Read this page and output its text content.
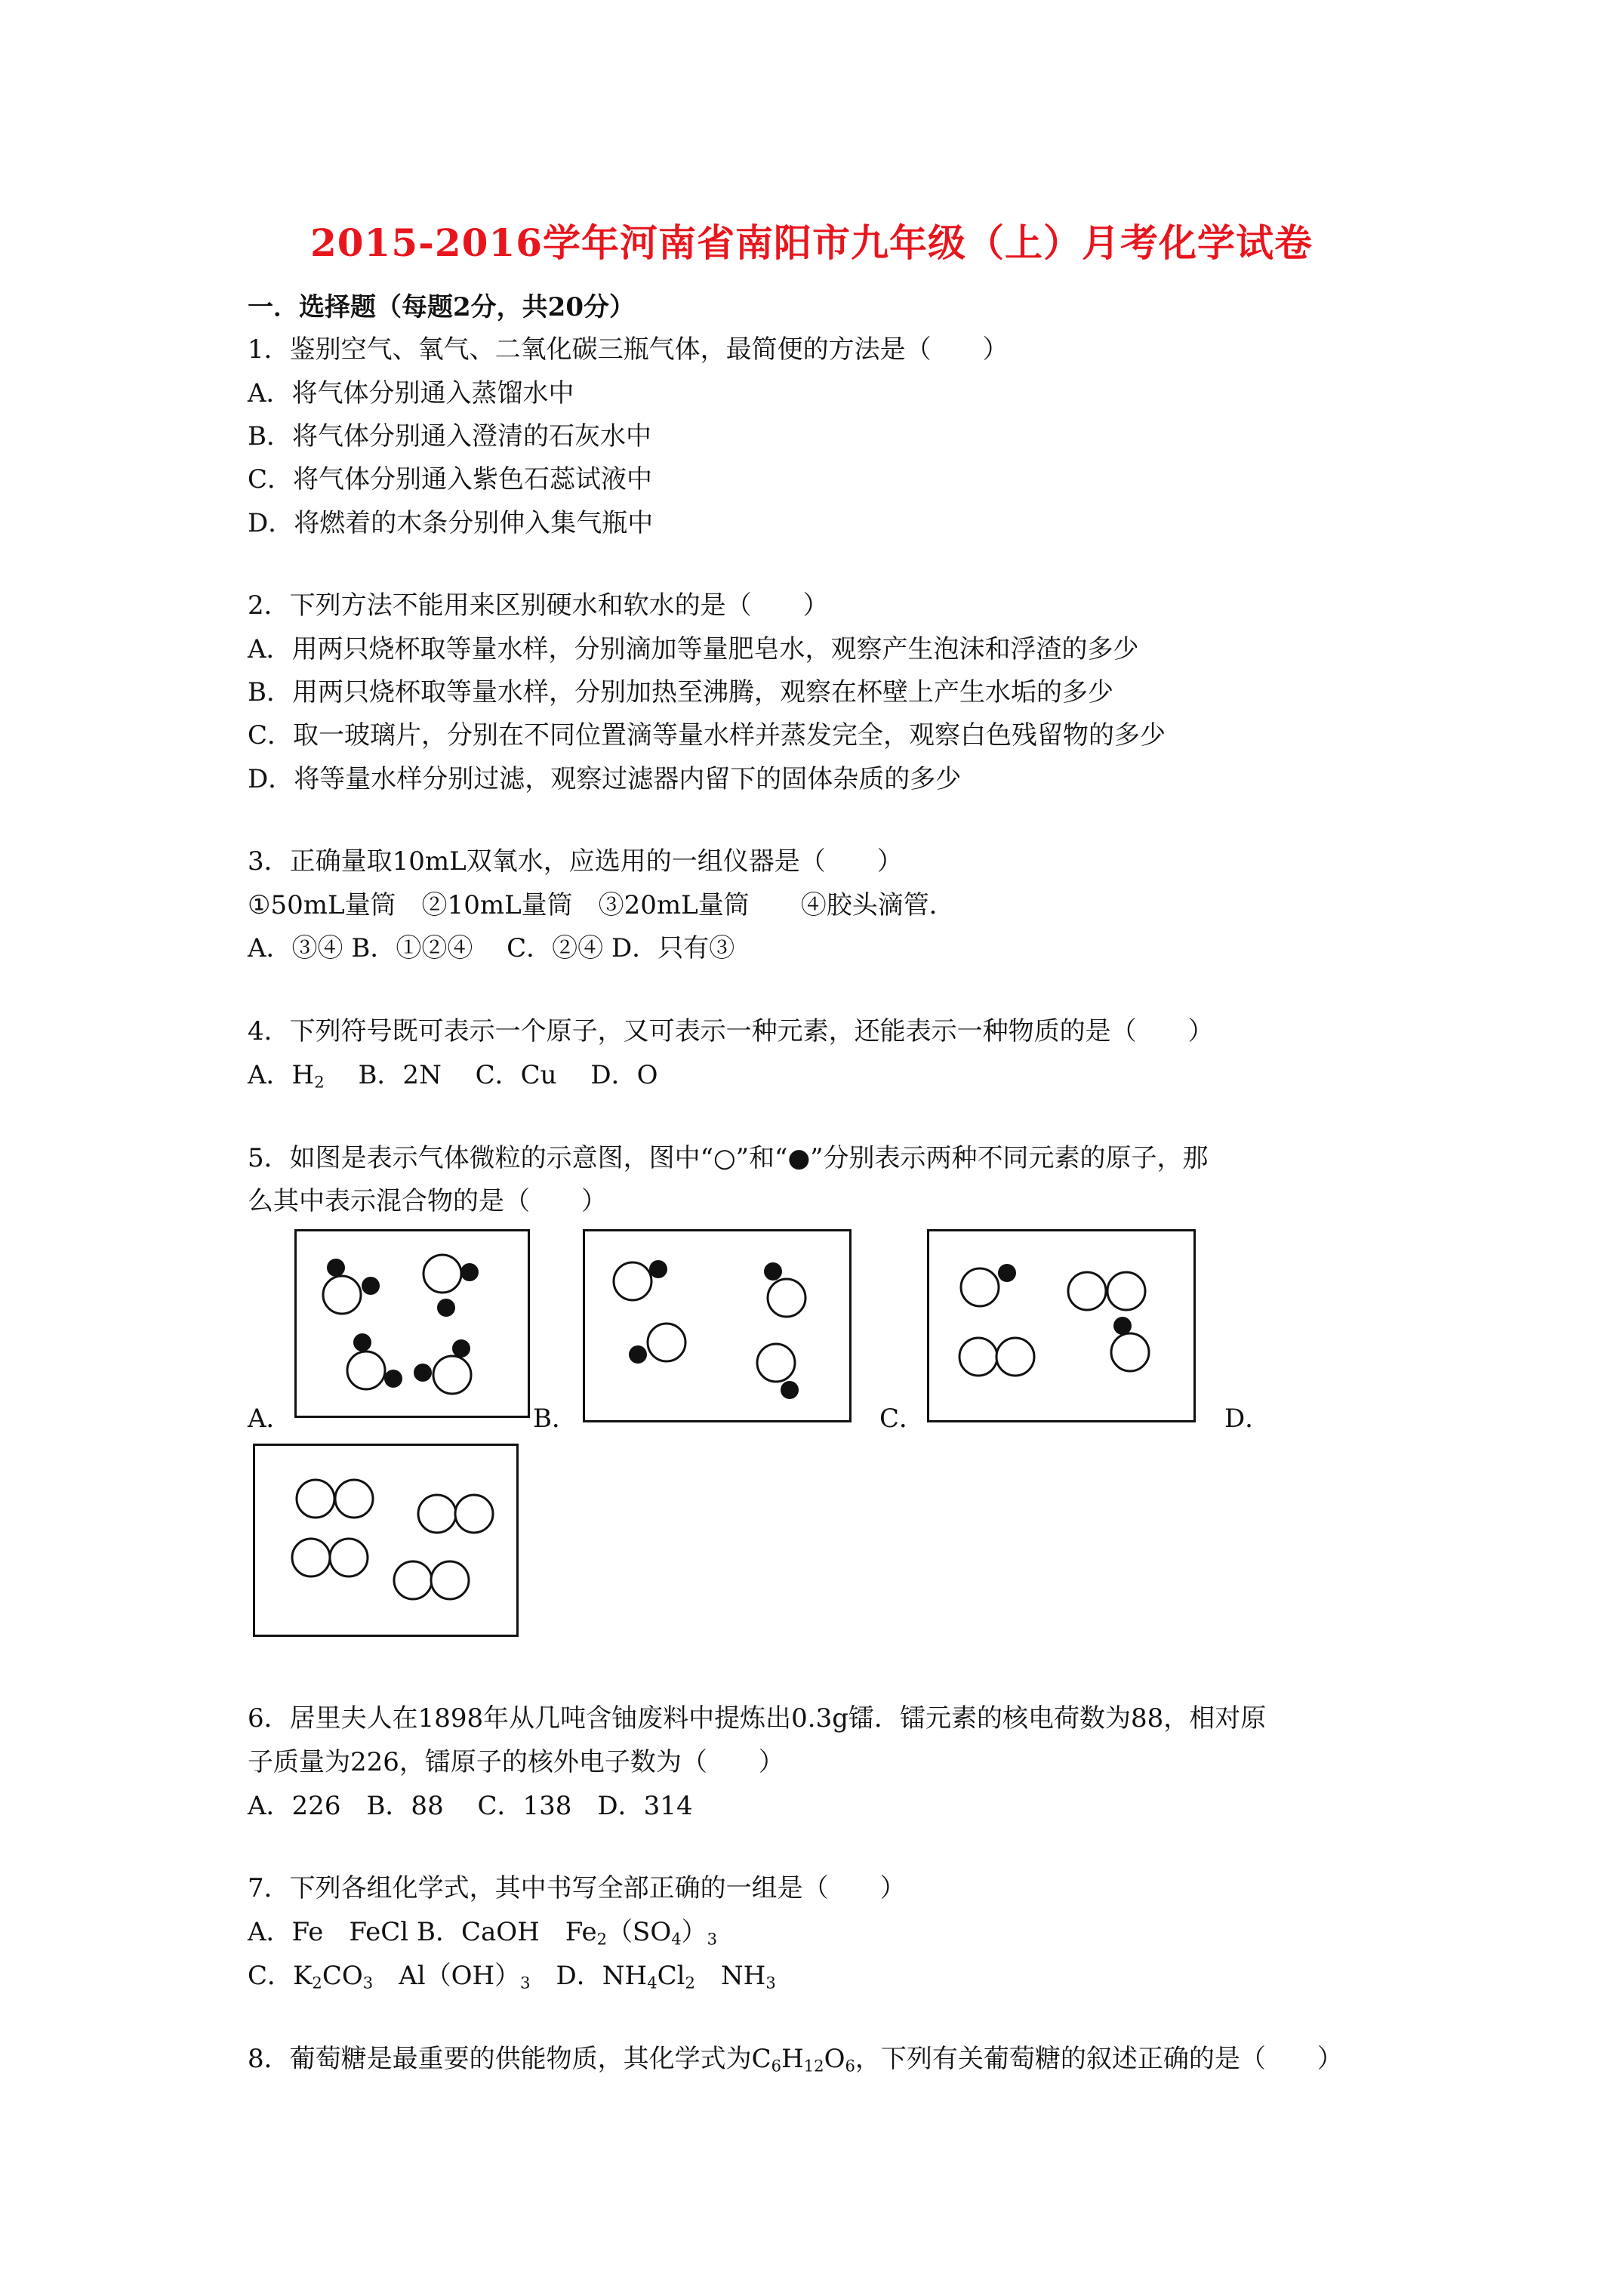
2015-2016学年河南省南阳市九年级（上）月考化学试卷
一．选择题（每题2分，共20分）
1．鉴别空气、氧气、二氧化碳三瓶气体，最简便的方法是（　　）
A．将气体分别通入蒸馏水中
B．将气体分别通入澄清的石灰水中
C．将气体分别通入紫色石蕊试液中
D．将燃着的木条分别伸入集气瓶中
2．下列方法不能用来区别硬水和软水的是（　　）
A．用两只烧杯取等量水样，分别滴加等量肥皂水，观察产生泡沫和浮渣的多少
B．用两只烧杯取等量水样，分别加热至沸腾，观察在杯壁上产生水垢的多少
C．取一玻璃片，分别在不同位置滴等量水样并蒸发完全，观察白色残留物的多少
D．将等量水样分别过滤，观察过滤器内留下的固体杂质的多少
3．正确量取10mL双氧水，应选用的一组仪器是（　　）
①50mL量筒　②10mL量筒　③20mL量筒　　④胶头滴管．
A．③④ B．①②④　 C．②④ D．只有③
4．下列符号既可表示一个原子，又可表示一种元素，还能表示一种物质的是（　　）
A．$H_2$　 B．2N　 C．Cu　 D．O
5．如图是表示气体微粒的示意图，图中“○”和“●”分别表示两种不同元素的原子，那
么其中表示混合物的是（　　）
A．	B．	C．	D．
6．居里夫人在1898年从几吨含铀废料中提炼出0.3g镭．镭元素的核电荷数为88，相对原
子质量为226，镭原子的核外电子数为（　　）
A．226　B．88　 C．138　D．314
7．下列各组化学式，其中书写全部正确的一组是（　　）
A．Fe　FeCl B．CaOH　$Fe_2(SO_4)_3$
C．$K_2CO_3$　$Al(OH)_3$　D．$NH_4Cl_2$　$NH_3$
8．葡萄糖是最重要的供能物质，其化学式为$C_6H_{12}O_6$，下列有关葡萄糖的叙述正确的是（　　）
